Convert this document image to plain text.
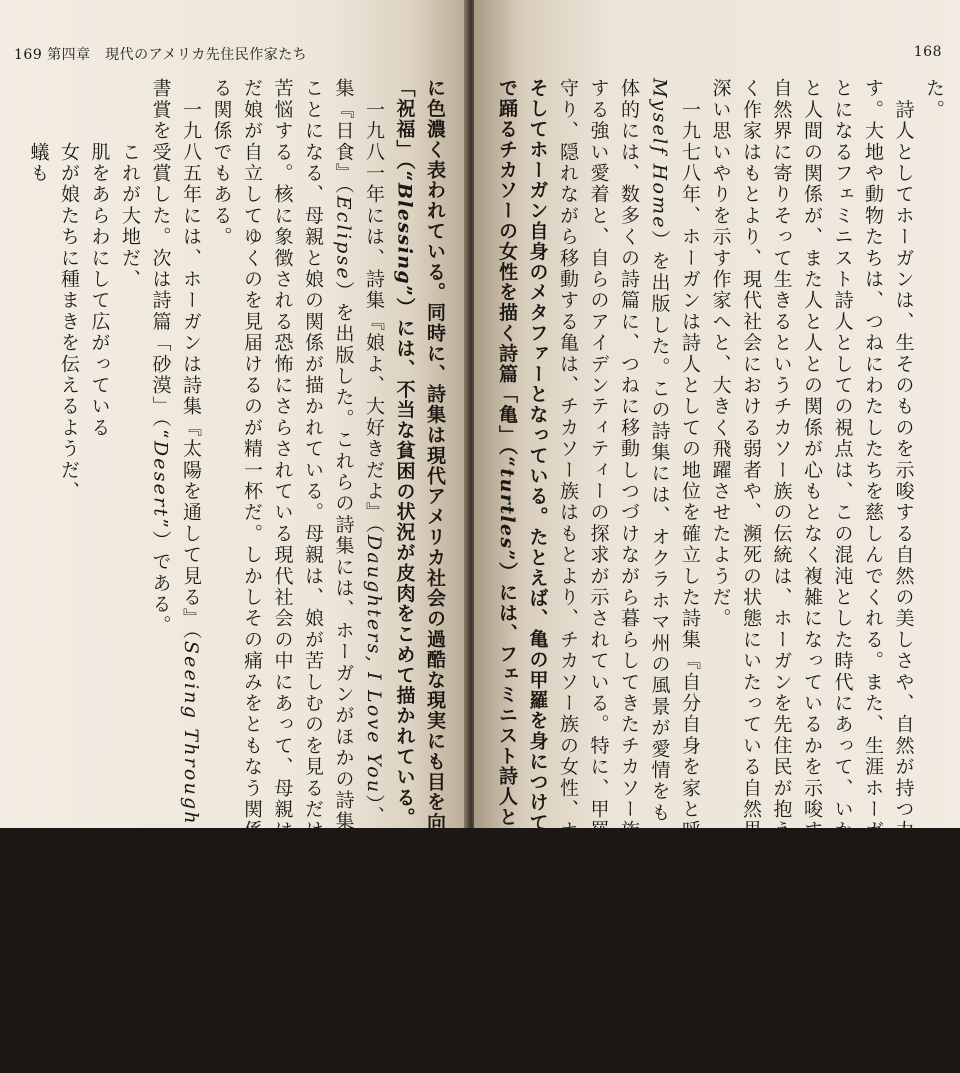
169 第四章　現代のアメリカ先住民作家たち
に色濃く表われている。同時に、詩集は現代アメリカ社会の過酷な現実にも目を向ける。詩篇
「祝福」（“Blessing”）には、不当な貧困の状況が皮肉をこめて描かれている。
　一九八一年には、詩集『娘よ、大好きだよ』（Daughters, I Love You）、また一九八三年には詩
集『日食』（Eclipse）を出版した。これらの詩集には、ホーガンがほかの詩集や小説で探求する
ことになる、母親と娘の関係が描かれている。母親は、娘が苦しむのを見るだけで、何もできず
苦悩する。核に象徴される恐怖にさらされている現代社会の中にあって、母親は無能であり、た
だ娘が自立してゆくのを見届けるのが精一杯だ。しかしその痛みをともなう関係は、愛情あふれ
る関係でもある。
　一九八五年には、ホーガンは詩集『太陽を通して見る』（Seeing Through the Sun）にて、全米図
書賞を受賞した。次は詩篇「砂漠」（“Desert”）である。
　　　これが大地だ、
　　　肌をあらわにして広がっている
　　　女が娘たちに種まきを伝えるようだ、
　　　蟻も
168
た。
　詩人としてホーガンは、生そのものを示唆する自然の美しさや、自然が持つ力に強い関心を示
す。大地や動物たちは、つねにわたしたちを慈しんでくれる。また、生涯ホーガンが追求するこ
とになるフェミニスト詩人としての視点は、この混沌とした時代にあって、いかに大地や自然界
と人間の関係が、また人と人との関係が心もとなく複雑になっているかを示唆する。㈤大地に抱かれ、
自然界に寄りそって生きるというチカソー族の伝統は、ホーガンを先住民が抱える問題を鋭く描
く作家はもとより、現代社会における弱者や、瀕死の状態にいたっている自然界などにたいする
深い思いやりを示す作家へと、大きく飛躍させたようだ。
　一九七八年、ホーガンは詩人としての地位を確立した詩集『自分自身を家と呼ぶ』（Calling
Myself Home）を出版した。この詩集には、オクラホマ州の風景が愛情をもって描かれている。具
体的には、数多くの詩篇に、つねに移動しつづけながら暮らしてきたチカソー族や、家族にたい
する強い愛着と、自らのアイデンティティーの探求が示されている。特に、甲羅という家で身を
守り、隠れながら移動する亀は、チカソー族はもとより、チカソー族の女性、ホーガンの家族、
そしてホーガン自身のメタファーとなっている。たとえば、亀の甲羅を身につけて、癒しの儀式
で踊るチカソーの女性を描く詩篇「亀」（“turtles”）には、フェミニスト詩人としての視点がすで
